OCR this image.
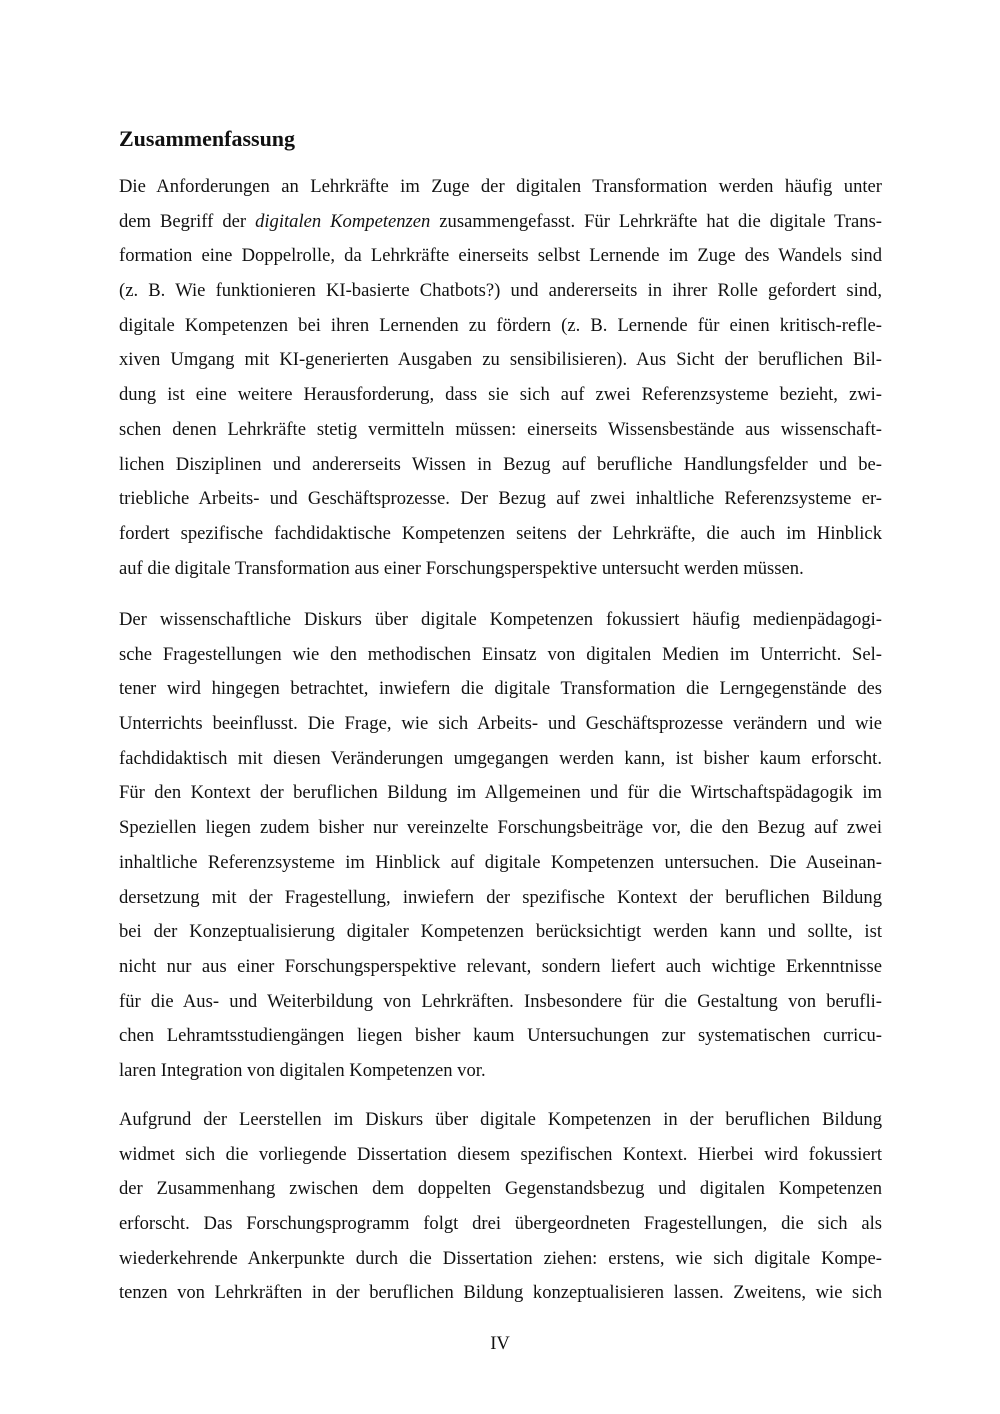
Zusammenfassung
Die Anforderungen an Lehrkräfte im Zuge der digitalen Transformation werden häufig unter
dem Begriff der digitalen Kompetenzen zusammengefasst. Für Lehrkräfte hat die digitale Trans-
formation eine Doppelrolle, da Lehrkräfte einerseits selbst Lernende im Zuge des Wandels sind
(z. B. Wie funktionieren KI-basierte Chatbots?) und andererseits in ihrer Rolle gefordert sind,
digitale Kompetenzen bei ihren Lernenden zu fördern (z. B. Lernende für einen kritisch-refle-
xiven Umgang mit KI-generierten Ausgaben zu sensibilisieren). Aus Sicht der beruflichen Bil-
dung ist eine weitere Herausforderung, dass sie sich auf zwei Referenzsysteme bezieht, zwi-
schen denen Lehrkräfte stetig vermitteln müssen: einerseits Wissensbestände aus wissenschaft-
lichen Disziplinen und andererseits Wissen in Bezug auf berufliche Handlungsfelder und be-
triebliche Arbeits- und Geschäftsprozesse. Der Bezug auf zwei inhaltliche Referenzsysteme er-
fordert spezifische fachdidaktische Kompetenzen seitens der Lehrkräfte, die auch im Hinblick
auf die digitale Transformation aus einer Forschungsperspektive untersucht werden müssen.
Der wissenschaftliche Diskurs über digitale Kompetenzen fokussiert häufig medienpädagogi-
sche Fragestellungen wie den methodischen Einsatz von digitalen Medien im Unterricht. Sel-
tener wird hingegen betrachtet, inwiefern die digitale Transformation die Lerngegenstände des
Unterrichts beeinflusst. Die Frage, wie sich Arbeits- und Geschäftsprozesse verändern und wie
fachdidaktisch mit diesen Veränderungen umgegangen werden kann, ist bisher kaum erforscht.
Für den Kontext der beruflichen Bildung im Allgemeinen und für die Wirtschaftspädagogik im
Speziellen liegen zudem bisher nur vereinzelte Forschungsbeiträge vor, die den Bezug auf zwei
inhaltliche Referenzsysteme im Hinblick auf digitale Kompetenzen untersuchen. Die Auseinan-
dersetzung mit der Fragestellung, inwiefern der spezifische Kontext der beruflichen Bildung
bei der Konzeptualisierung digitaler Kompetenzen berücksichtigt werden kann und sollte, ist
nicht nur aus einer Forschungsperspektive relevant, sondern liefert auch wichtige Erkenntnisse
für die Aus- und Weiterbildung von Lehrkräften. Insbesondere für die Gestaltung von berufli-
chen Lehramtsstudiengängen liegen bisher kaum Untersuchungen zur systematischen curricu-
laren Integration von digitalen Kompetenzen vor.
Aufgrund der Leerstellen im Diskurs über digitale Kompetenzen in der beruflichen Bildung
widmet sich die vorliegende Dissertation diesem spezifischen Kontext. Hierbei wird fokussiert
der Zusammenhang zwischen dem doppelten Gegenstandsbezug und digitalen Kompetenzen
erforscht. Das Forschungsprogramm folgt drei übergeordneten Fragestellungen, die sich als
wiederkehrende Ankerpunkte durch die Dissertation ziehen: erstens, wie sich digitale Kompe-
tenzen von Lehrkräften in der beruflichen Bildung konzeptualisieren lassen. Zweitens, wie sich
IV
